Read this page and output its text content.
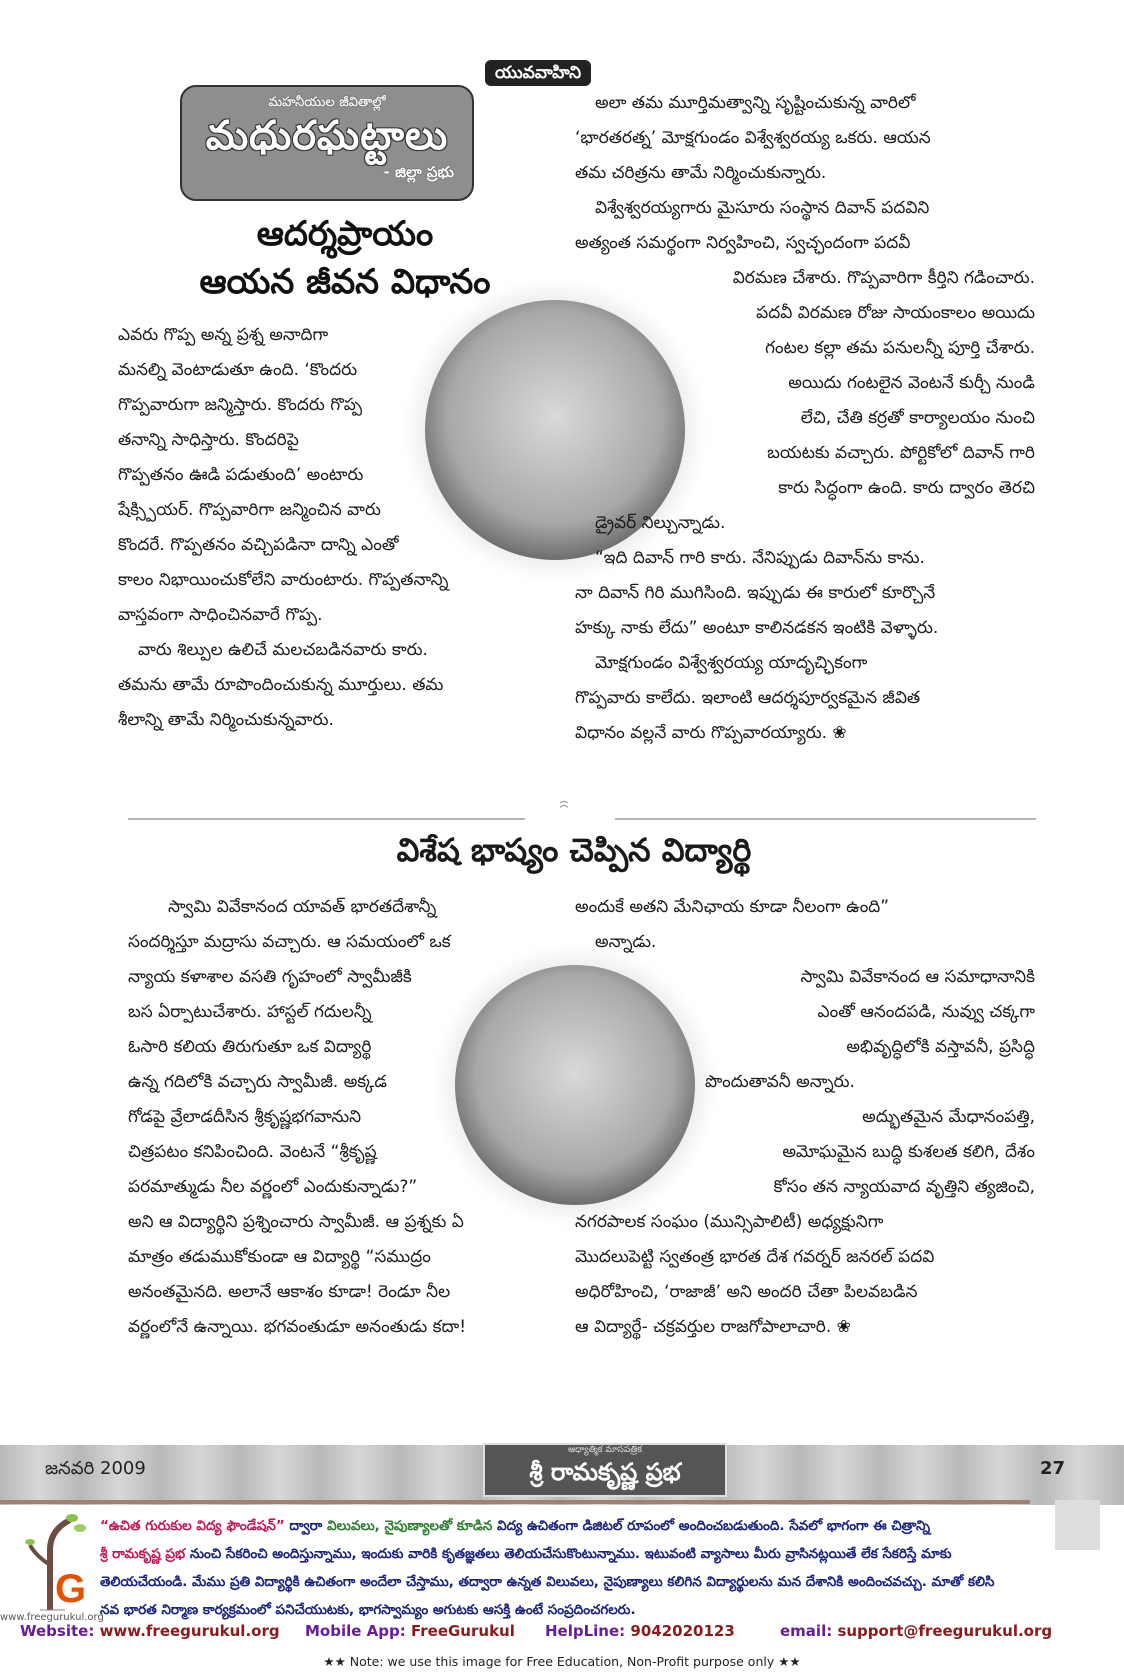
యువవాహిని
మహనీయుల జీవితాల్లో
మధురఘట్టాలు
- జిల్లా ప్రభు
ఆదర్శప్రాయం
ఆయన జీవన విధానం
ఎవరు గొప్ప అన్న ప్రశ్న అనాదిగా
మనల్ని వెంటాడుతూ ఉంది. ‘కొందరు
గొప్పవారుగా జన్మిస్తారు. కొందరు గొప్ప
తనాన్ని సాధిస్తారు. కొందరిపై
గొప్పతనం ఊడి పడుతుంది’ అంటారు
షేక్స్పియర్. గొప్పవారిగా జన్మించిన వారు
కొందరే. గొప్పతనం వచ్చిపడినా దాన్ని ఎంతో
కాలం నిభాయించుకోలేని వారుంటారు. గొప్పతనాన్ని
వాస్తవంగా సాధించినవారే గొప్ప.
వారు శిల్పుల ఉలిచే మలచబడినవారు కారు.
తమను తామే రూపొందించుకున్న మూర్తులు. తమ
శీలాన్ని తామే నిర్మించుకున్నవారు.
అలా తమ మూర్తిమత్వాన్ని సృష్టించుకున్న వారిలో
‘భారతరత్న’ మోక్షగుండం విశ్వేశ్వరయ్య ఒకరు. ఆయన
తమ చరిత్రను తామే నిర్మించుకున్నారు.
విశ్వేశ్వరయ్యగారు మైసూరు సంస్థాన దివాన్ పదవిని
అత్యంత సమర్థంగా నిర్వహించి, స్వచ్ఛందంగా పదవీ
విరమణ చేశారు. గొప్పవారిగా కీర్తిని గడించారు.
పదవీ విరమణ రోజు సాయంకాలం అయిదు
గంటల కల్లా తమ పనులన్నీ పూర్తి చేశారు.
అయిదు గంటలైన వెంటనే కుర్చీ నుండి
లేచి, చేతి కర్రతో కార్యాలయం నుంచి
బయటకు వచ్చారు. పోర్టికోలో దివాన్ గారి
కారు సిద్ధంగా ఉంది. కారు ద్వారం తెరచి
డ్రైవర్ నిల్చున్నాడు.
“ఇది దివాన్ గారి కారు. నేనిప్పుడు దివాన్‌ను కాను.
నా దివాన్ గిరి ముగిసింది. ఇప్పుడు ఈ కారులో కూర్చొనే
హక్కు నాకు లేదు” అంటూ కాలినడకన ఇంటికి వెళ్ళారు.
మోక్షగుండం విశ్వేశ్వరయ్య యాదృచ్ఛికంగా
గొప్పవారు కాలేదు. ఇలాంటి ఆదర్శపూర్వకమైన జీవిత
విధానం వల్లనే వారు గొప్పవారయ్యారు. ❀
విశేష భాష్యం చెప్పిన విద్యార్థి
స్వామి వివేకానంద యావత్ భారతదేశాన్నీ
సందర్శిస్తూ మద్రాసు వచ్చారు. ఆ సమయంలో ఒక
న్యాయ కళాశాల వసతి గృహంలో స్వామీజీకి
బస ఏర్పాటుచేశారు. హాస్టల్ గదులన్నీ
ఓసారి కలియ తిరుగుతూ ఒక విద్యార్థి
ఉన్న గదిలోకి వచ్చారు స్వామీజీ. అక్కడ
గోడపై వ్రేలాడదీసిన శ్రీకృష్ణభగవానుని
చిత్రపటం కనిపించింది. వెంటనే “శ్రీకృష్ణ
పరమాత్ముడు నీల వర్ణంలో ఎందుకున్నాడు?”
అని ఆ విద్యార్థిని ప్రశ్నించారు స్వామీజీ. ఆ ప్రశ్నకు ఏ
మాత్రం తడుముకోకుండా ఆ విద్యార్థి “సముద్రం
అనంతమైనది. అలానే ఆకాశం కూడా! రెండూ నీల
వర్ణంలోనే ఉన్నాయి. భగవంతుడూ అనంతుడు కదా!
అందుకే అతని మేనిఛాయ కూడా నీలంగా ఉంది”
అన్నాడు.
స్వామి వివేకానంద ఆ సమాధానానికి
ఎంతో ఆనందపడి, నువ్వు చక్కగా
అభివృద్ధిలోకి వస్తావనీ, ప్రసిద్ధి
పొందుతావనీ అన్నారు.
అద్భుతమైన మేధానంపత్తి,
అమోఘమైన బుద్ధి కుశలత కలిగి, దేశం
కోసం తన న్యాయవాద వృత్తిని త్యజించి,
నగరపాలక సంఘం (మున్సిపాలిటీ) అధ్యక్షునిగా
మొదలుపెట్టి స్వతంత్ర భారత దేశ గవర్నర్ జనరల్ పదవి
అధిరోహించి, ‘రాజాజీ’ అని అందరి చేతా పిలవబడిన
ఆ విద్యార్థే- చక్రవర్తుల రాజగోపాలాచారి. ❀
జనవరి 2009
ఆధ్యాత్మిక మాసపత్రిక
శ్రీ రామకృష్ణ ప్రభ	27
G
www.freegurukul.org
“ఉచిత గురుకుల విద్య ఫౌండేషన్” ద్వారా విలువలు, నైపుణ్యాలతో కూడిన విద్య ఉచితంగా డిజిటల్ రూపంలో అందించబడుతుంది. సేవలో భాగంగా ఈ చిత్రాన్ని
శ్రీ రామకృష్ణ ప్రభ నుంచి సేకరించి అందిస్తున్నాము, ఇందుకు వారికి కృతజ్ఞతలు తెలియచేసుకొంటున్నాము. ఇటువంటి వ్యాసాలు మీరు వ్రాసినట్లయితే లేక సేకరిస్తే మాకు
తెలియచేయండి. మేము ప్రతి విద్యార్థికి ఉచితంగా అందేలా చేస్తాము, తద్వారా ఉన్నత విలువలు, నైపుణ్యాలు కలిగిన విద్యార్థులను మన దేశానికి అందించవచ్చు. మాతో కలిసి
నవ భారత నిర్మాణ కార్యక్రమంలో పనిచేయుటకు, భాగస్వామ్యం అగుటకు ఆసక్తి ఉంటే సంప్రదించగలరు.
Website: www.freegurukul.org Mobile App: FreeGurukul HelpLine: 9042020123	email: support@freegurukul.org
★★ Note: we use this image for Free Education, Non-Profit purpose only ★★
